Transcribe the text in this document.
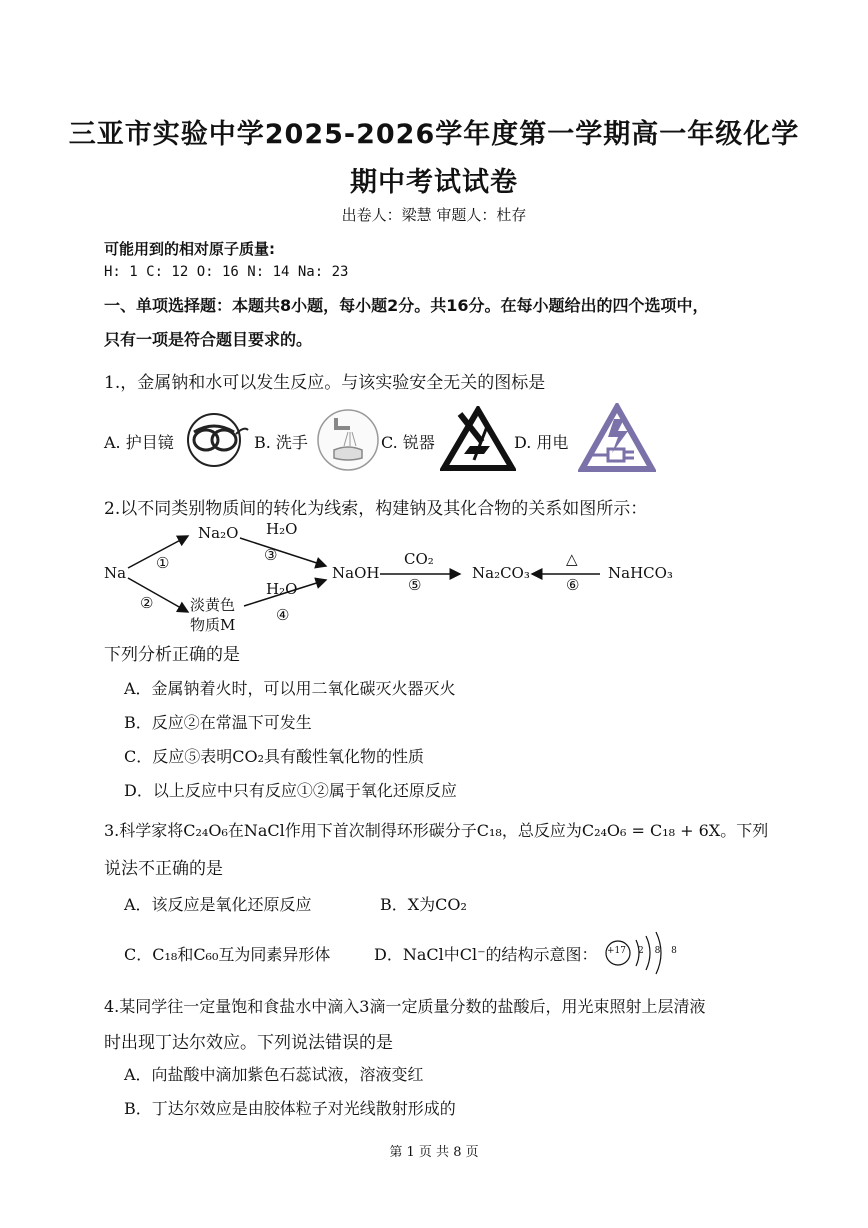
三亚市实验中学2025-2026学年度第一学期高一年级化学
期中考试试卷
出卷人：梁慧 审题人：杜存
可能用到的相对原子质量:
H: 1 C: 12 O: 16 N: 14 Na: 23
一、单项选择题：本题共8小题，每小题2分。共16分。在每小题给出的四个选项中，
只有一项是符合题目要求的。
1.，金属钠和水可以发生反应。与该实验安全无关的图标是
A. 护目镜	B. 洗手	C. 锐器	D. 用电
2.以不同类别物质间的转化为线索，构建钠及其化合物的关系如图所示：
Na
Na₂O
淡黄色
物质M
①
②
H₂O
③
H₂O
④
NaOH
CO₂
⑤
Na₂CO₃
△
⑥
NaHCO₃
下列分析正确的是
A．金属钠着火时，可以用二氧化碳灭火器灭火
B．反应②在常温下可发生
C．反应⑤表明CO₂具有酸性氧化物的性质
D．以上反应中只有反应①②属于氧化还原反应
3.科学家将C₂₄O₆在NaCl作用下首次制得环形碳分子C₁₈，总反应为C₂₄O₆ = C₁₈ + 6X。下列
说法不正确的是
A．该反应是氧化还原反应	B．X为CO₂
C．C₁₈和C₆₀互为同素异形体	D．NaCl中Cl⁻的结构示意图： +17 2 8 8
4.某同学往一定量饱和食盐水中滴入3滴一定质量分数的盐酸后，用光束照射上层清液
时出现丁达尔效应。下列说法错误的是
A．向盐酸中滴加紫色石蕊试液，溶液变红
B．丁达尔效应是由胶体粒子对光线散射形成的
第 1 页 共 8 页
